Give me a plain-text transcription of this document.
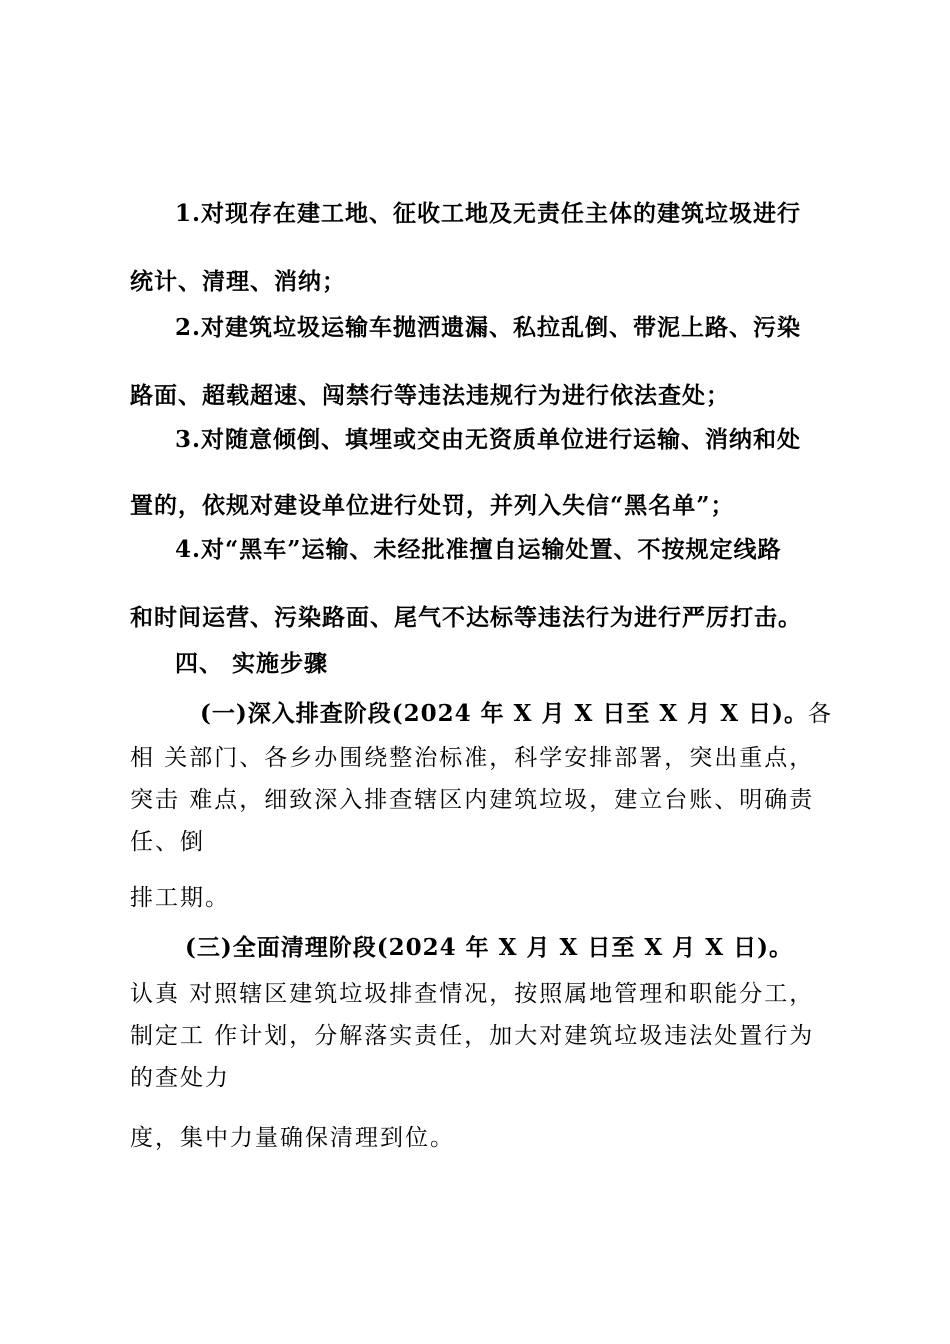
1.对现存在建工地、征收工地及无责任主体的建筑垃圾进行
统计、清理、消纳；
2.对建筑垃圾运输车抛洒遗漏、私拉乱倒、带泥上路、污染
路面、超载超速、闯禁行等违法违规行为进行依法查处；
3.对随意倾倒、填埋或交由无资质单位进行运输、消纳和处
置的，依规对建设单位进行处罚，并列入失信“黑名单”；
4.对“黑车”运输、未经批准擅自运输处置、不按规定线路
和时间运营、污染路面、尾气不达标等违法行为进行严厉打击。
四、 实施步骤
(一)深入排查阶段(2024 年 X 月 X 日至 X 月 X 日)。各
相 关部门、各乡办围绕整治标准，科学安排部署，突出重点，
突击 难点，细致深入排查辖区内建筑垃圾，建立台账、明确责
任、倒
排工期。
(三)全面清理阶段(2024 年 X 月 X 日至 X 月 X 日)。
认真 对照辖区建筑垃圾排查情况，按照属地管理和职能分工，
制定工 作计划，分解落实责任，加大对建筑垃圾违法处置行为
的查处力
度，集中力量确保清理到位。
